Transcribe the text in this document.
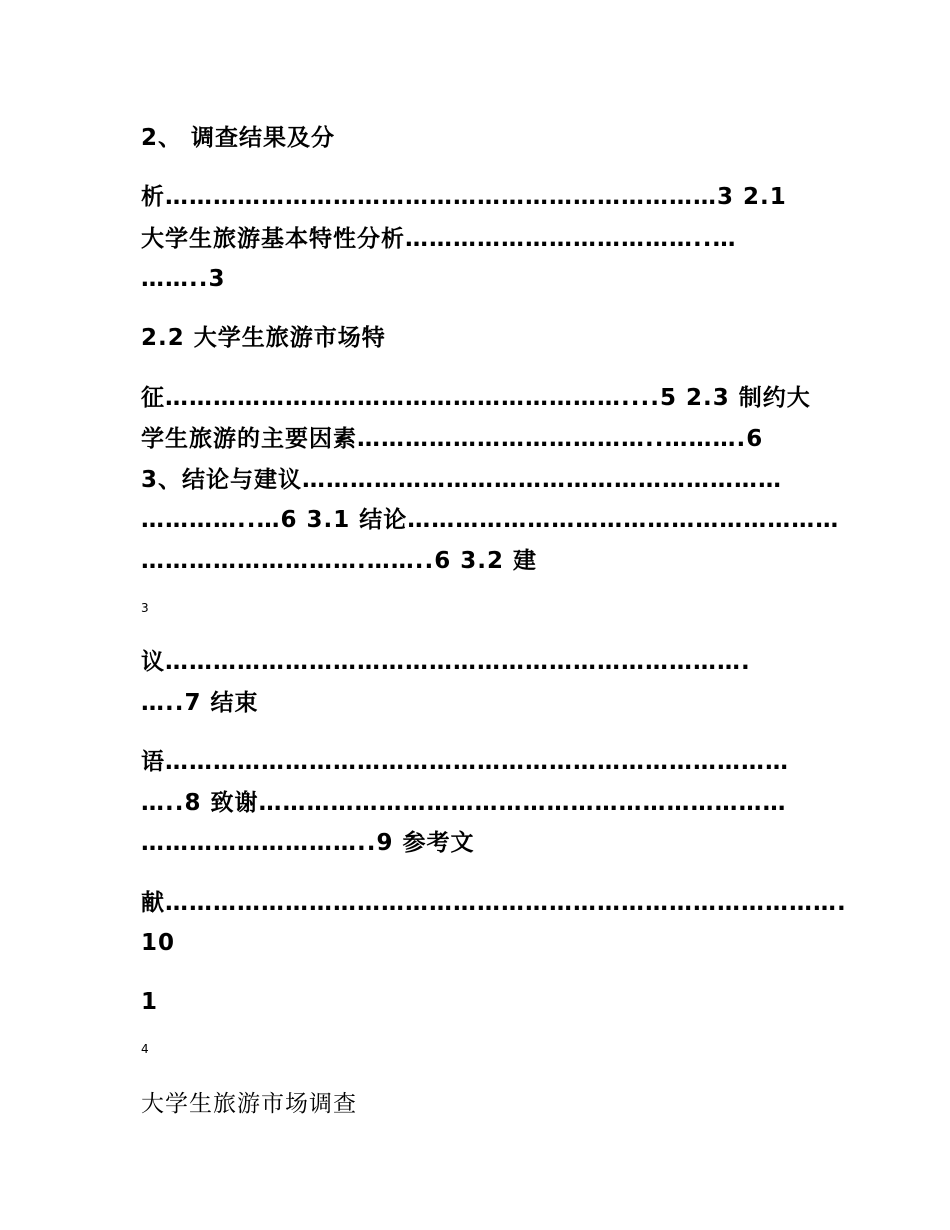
2、 调查结果及分
析……………………………………………………………3 2.1
大学生旅游基本特性分析………………………………..…
……..3
2.2 大学生旅游市场特
征…………………………………………………....5 2.3 制约大
学生旅游的主要因素………………………………..……….6
3、结论与建议……………………………………………………
…………..…6 3.1 结论………………………………………………
……………………….……..6 3.2 建
3
议……………………………………………………………….
…..7 结束
语……………………………………………………………………
…..8 致谢…………………………………………………………
………………………..9 参考文
献………………………………………………………………………….
10
1
4
大学生旅游市场调查
